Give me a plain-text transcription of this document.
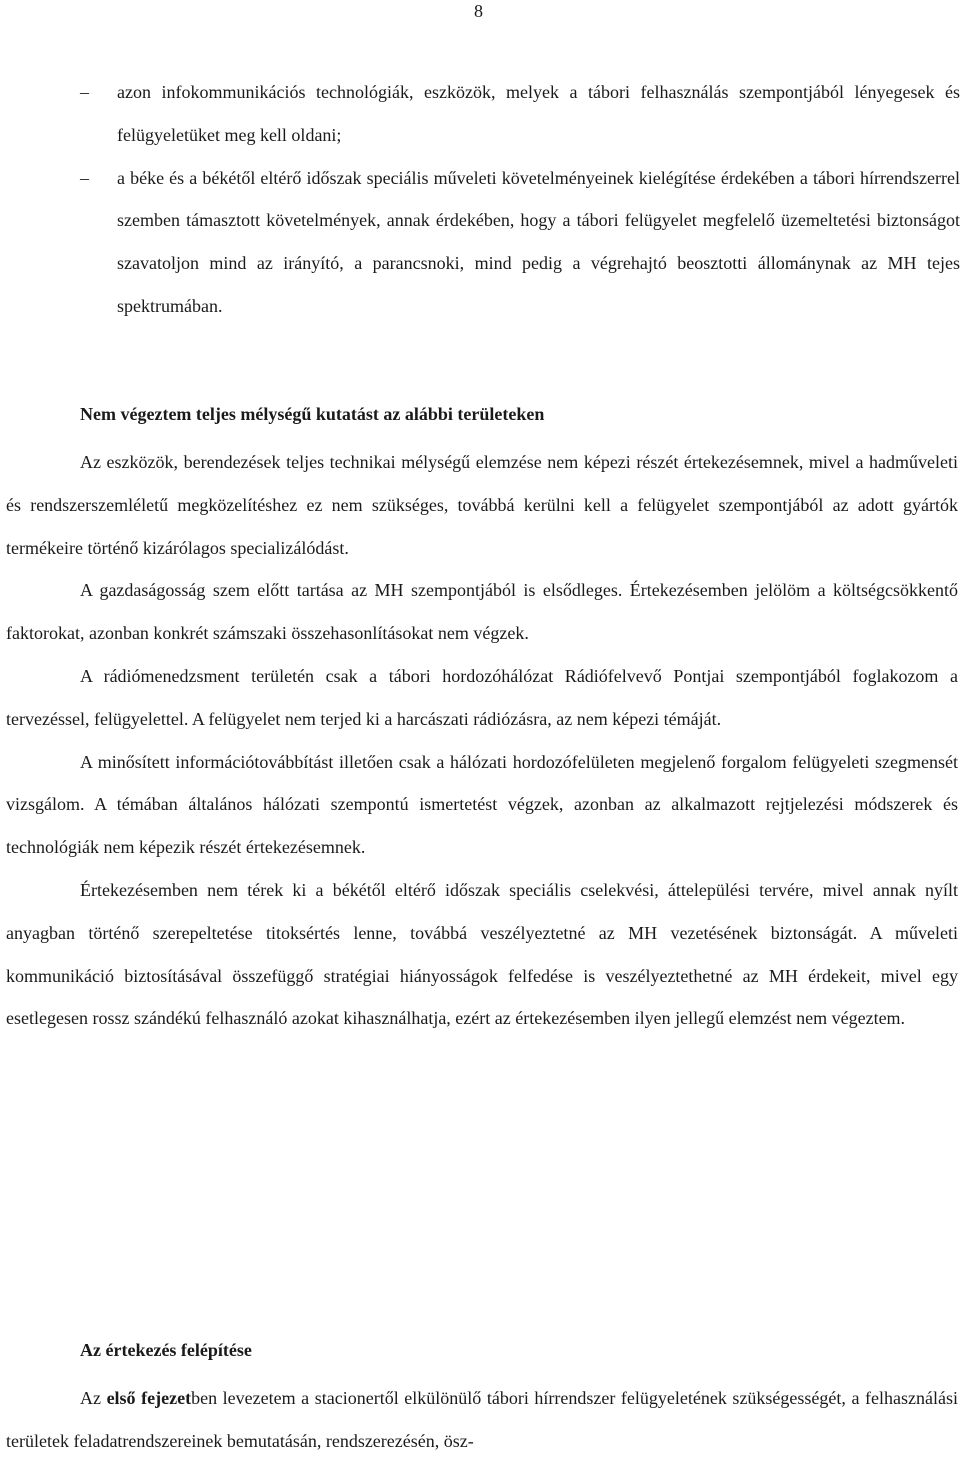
8
– azon infokommunikációs technológiák, eszközök, melyek a tábori felhasználás szempontjából lényegesek és felügyeletüket meg kell oldani;
– a béke és a békétől eltérő időszak speciális műveleti követelményeinek kielégítése érdekében a tábori hírrendszerrel szemben támasztott követelmények, annak érdekében, hogy a tábori felügyelet megfelelő üzemeltetési biztonságot szavatoljon mind az irányító, a parancsnoki, mind pedig a végrehajtó beosztotti állománynak az MH tejes spektrumában.
Nem végeztem teljes mélységű kutatást az alábbi területeken

Az eszközök, berendezések teljes technikai mélységű elemzése nem képezi részét értekezésemnek, mivel a hadműveleti és rendszerszemléletű megközelítéshez ez nem szükséges, továbbá kerülni kell a felügyelet szempontjából az adott gyártók termékeire történő kizárólagos specializálódást.

A gazdaságosság szem előtt tartása az MH szempontjából is elsődleges. Értekezésemben jelölöm a költségcsökkentő faktorokat, azonban konkrét számszaki összehasonlításokat nem végzek.

A rádiómenedzsment területén csak a tábori hordozóhálózat Rádiófelvevő Pontjai szempontjából foglakozom a tervezéssel, felügyelettel. A felügyelet nem terjed ki a harcászati rádiózásra, az nem képezi témáját.

A minősített információtovábbítást illetően csak a hálózati hordozófelületen megjelenő forgalom felügyeleti szegmensét vizsgálom. A témában általános hálózati szempontú ismertetést végzek, azonban az alkalmazott rejtjelezési módszerek és technológiák nem képezik részét értekezésemnek.

Értekezésemben nem térek ki a békétől eltérő időszak speciális cselekvési, áttelepülési tervére, mivel annak nyílt anyagban történő szerepeltetése titoksértés lenne, továbbá veszélyeztetné az MH vezetésének biztonságát. A műveleti kommunikáció biztosításával összefüggő stratégiai hiányosságok felfedése is veszélyeztethetné az MH érdekeit, mivel egy esetlegesen rossz szándékú felhasználó azokat kihasználhatja, ezért az értekezésemben ilyen jellegű elemzést nem végeztem.

Az értekezés felépítése

Az első fejezetben levezetem a stacionertől elkülönülő tábori hírrendszer felügyeletének szükségességét, a felhasználási területek feladatrendszereinek bemutatásán, rendszerezésén, ösz-
